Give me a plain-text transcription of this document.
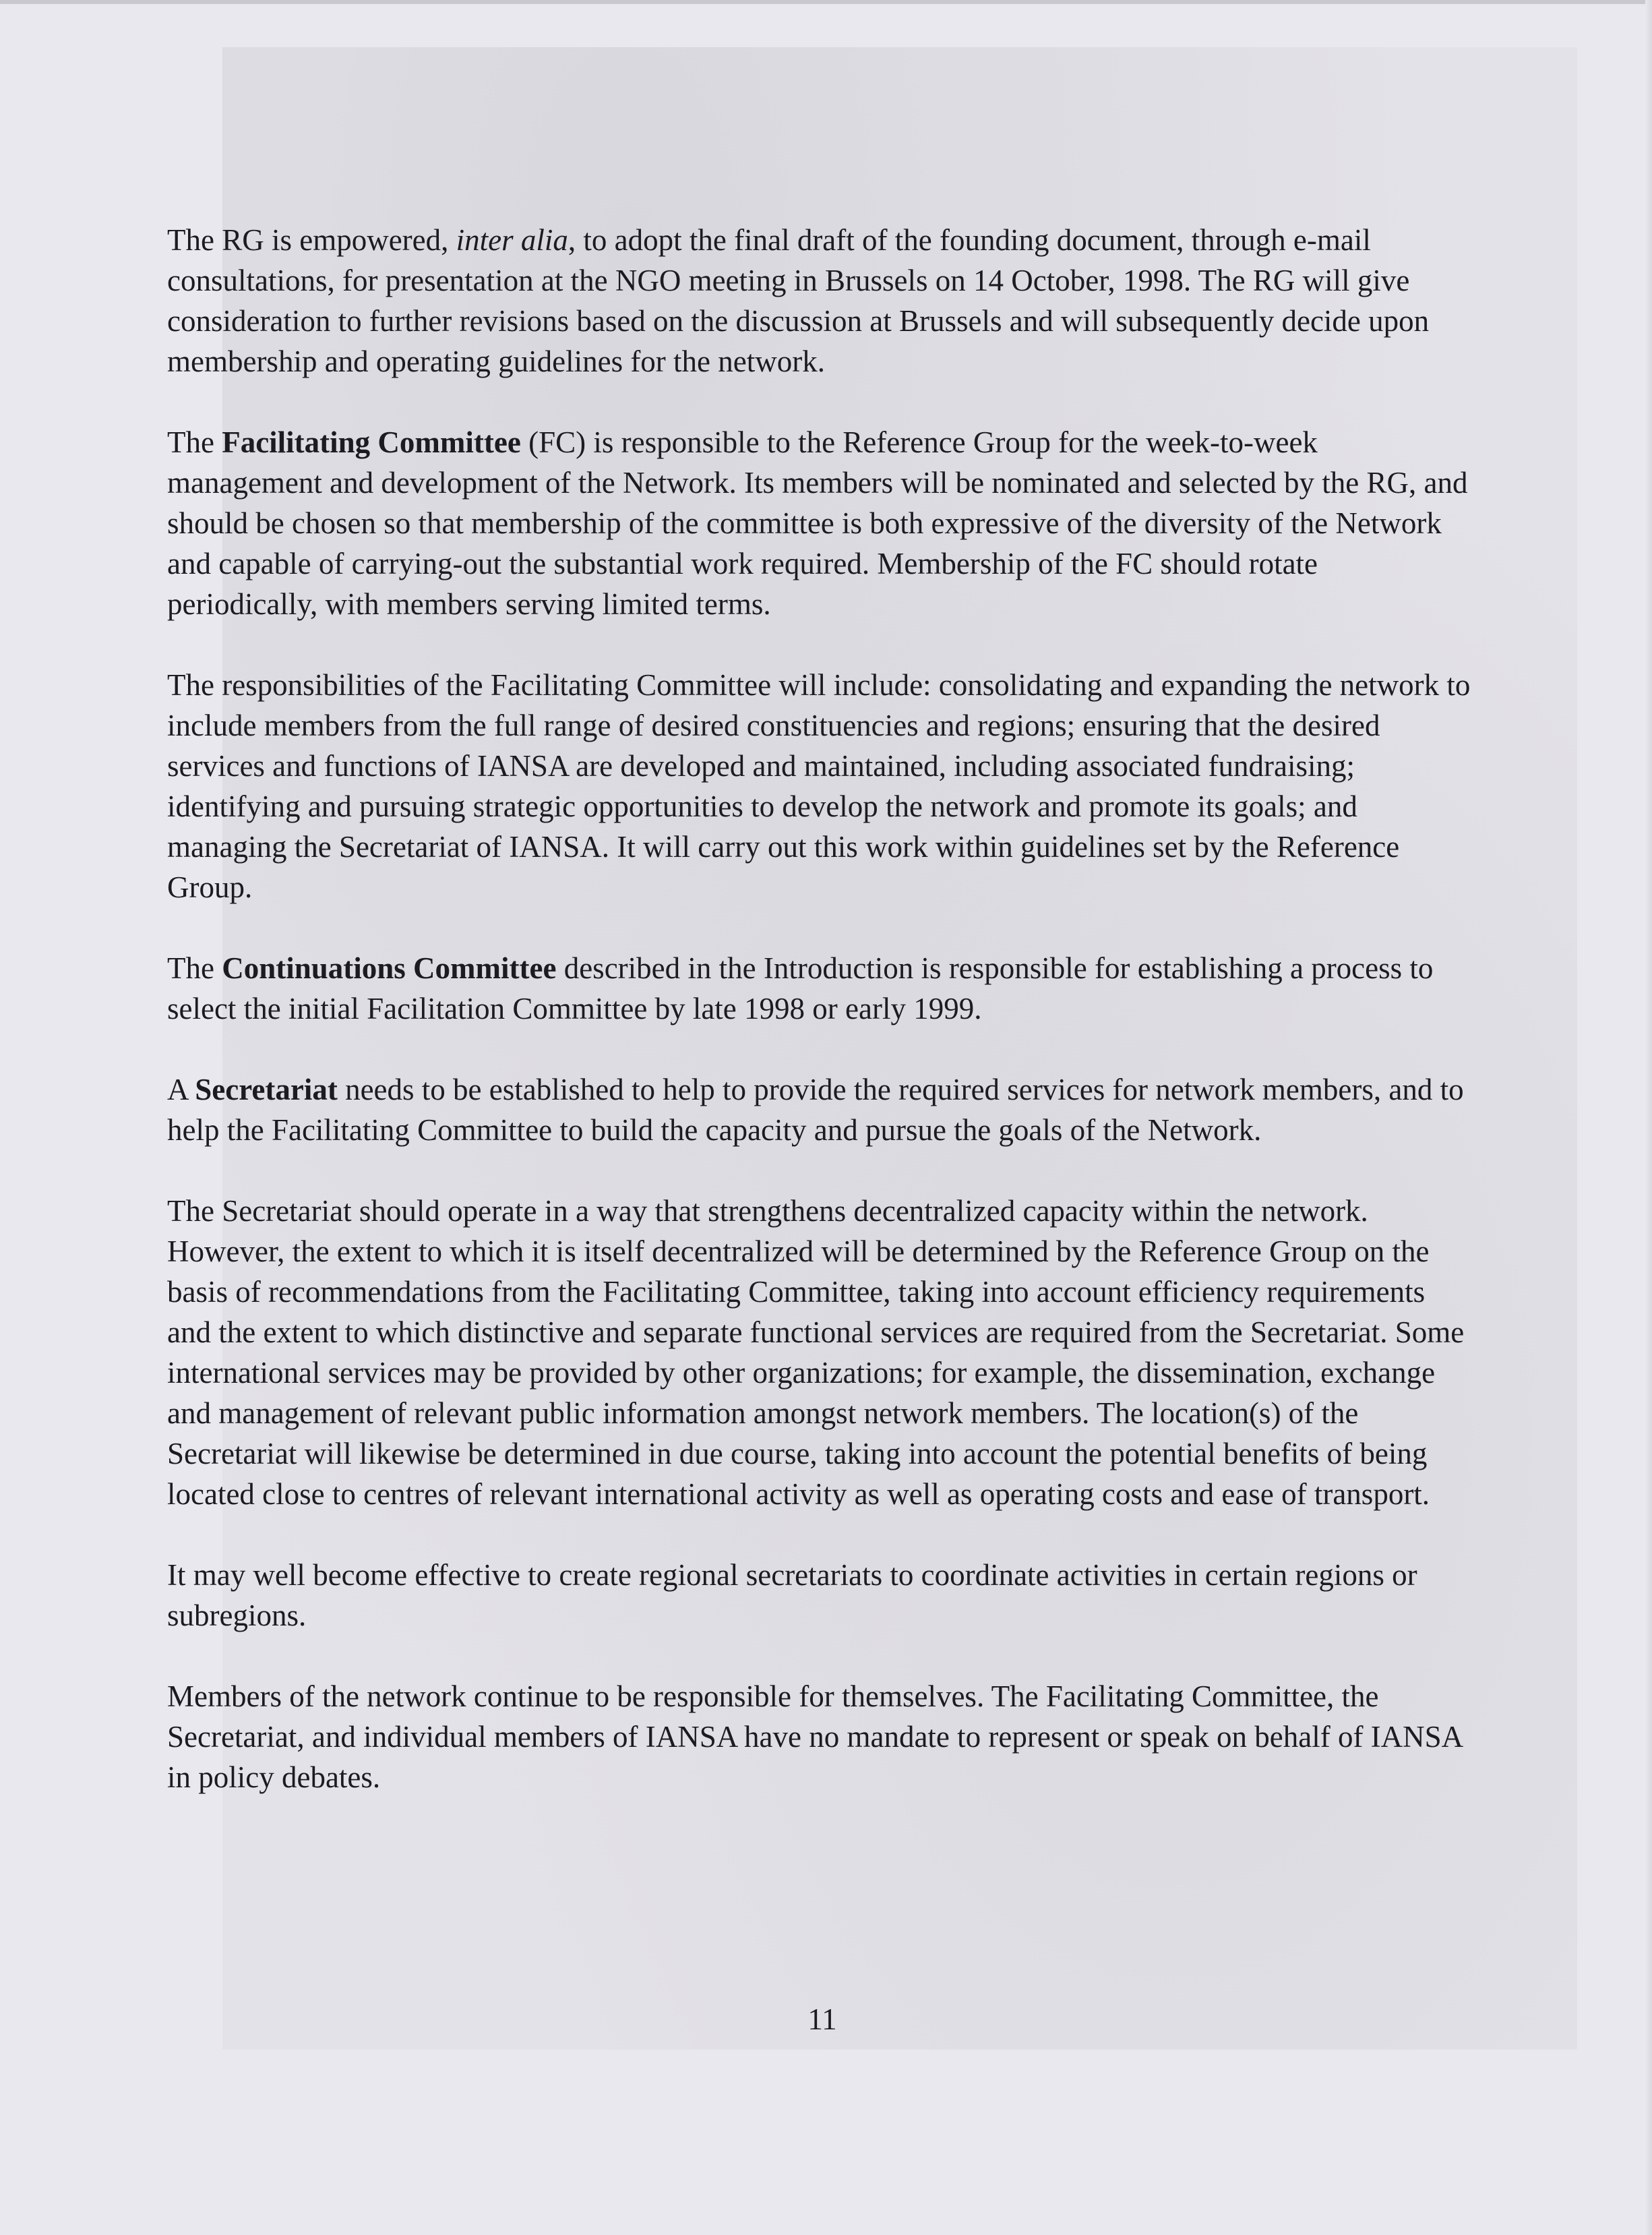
The RG is empowered, inter alia, to adopt the final draft of the founding document, through e-mail consultations, for presentation at the NGO meeting in Brussels on 14 October, 1998. The RG will give consideration to further revisions based on the discussion at Brussels and will subsequently decide upon membership and operating guidelines for the network.

The Facilitating Committee (FC) is responsible to the Reference Group for the week-to-week management and development of the Network. Its members will be nominated and selected by the RG, and should be chosen so that membership of the committee is both expressive of the diversity of the Network and capable of carrying-out the substantial work required. Membership of the FC should rotate periodically, with members serving limited terms.

The responsibilities of the Facilitating Committee will include: consolidating and expanding the network to include members from the full range of desired constituencies and regions; ensuring that the desired services and functions of IANSA are developed and maintained, including associated fundraising; identifying and pursuing strategic opportunities to develop the network and promote its goals; and managing the Secretariat of IANSA. It will carry out this work within guidelines set by the Reference Group.

The Continuations Committee described in the Introduction is responsible for establishing a process to select the initial Facilitation Committee by late 1998 or early 1999.

A Secretariat needs to be established to help to provide the required services for network members, and to help the Facilitating Committee to build the capacity and pursue the goals of the Network.

The Secretariat should operate in a way that strengthens decentralized capacity within the network. However, the extent to which it is itself decentralized will be determined by the Reference Group on the basis of recommendations from the Facilitating Committee, taking into account efficiency requirements and the extent to which distinctive and separate functional services are required from the Secretariat. Some international services may be provided by other organizations; for example, the dissemination, exchange and management of relevant public information amongst network members. The location(s) of the Secretariat will likewise be determined in due course, taking into account the potential benefits of being located close to centres of relevant international activity as well as operating costs and ease of transport.

It may well become effective to create regional secretariats to coordinate activities in certain regions or subregions.

Members of the network continue to be responsible for themselves. The Facilitating Committee, the Secretariat, and individual members of IANSA have no mandate to represent or speak on behalf of IANSA in policy debates.

11
